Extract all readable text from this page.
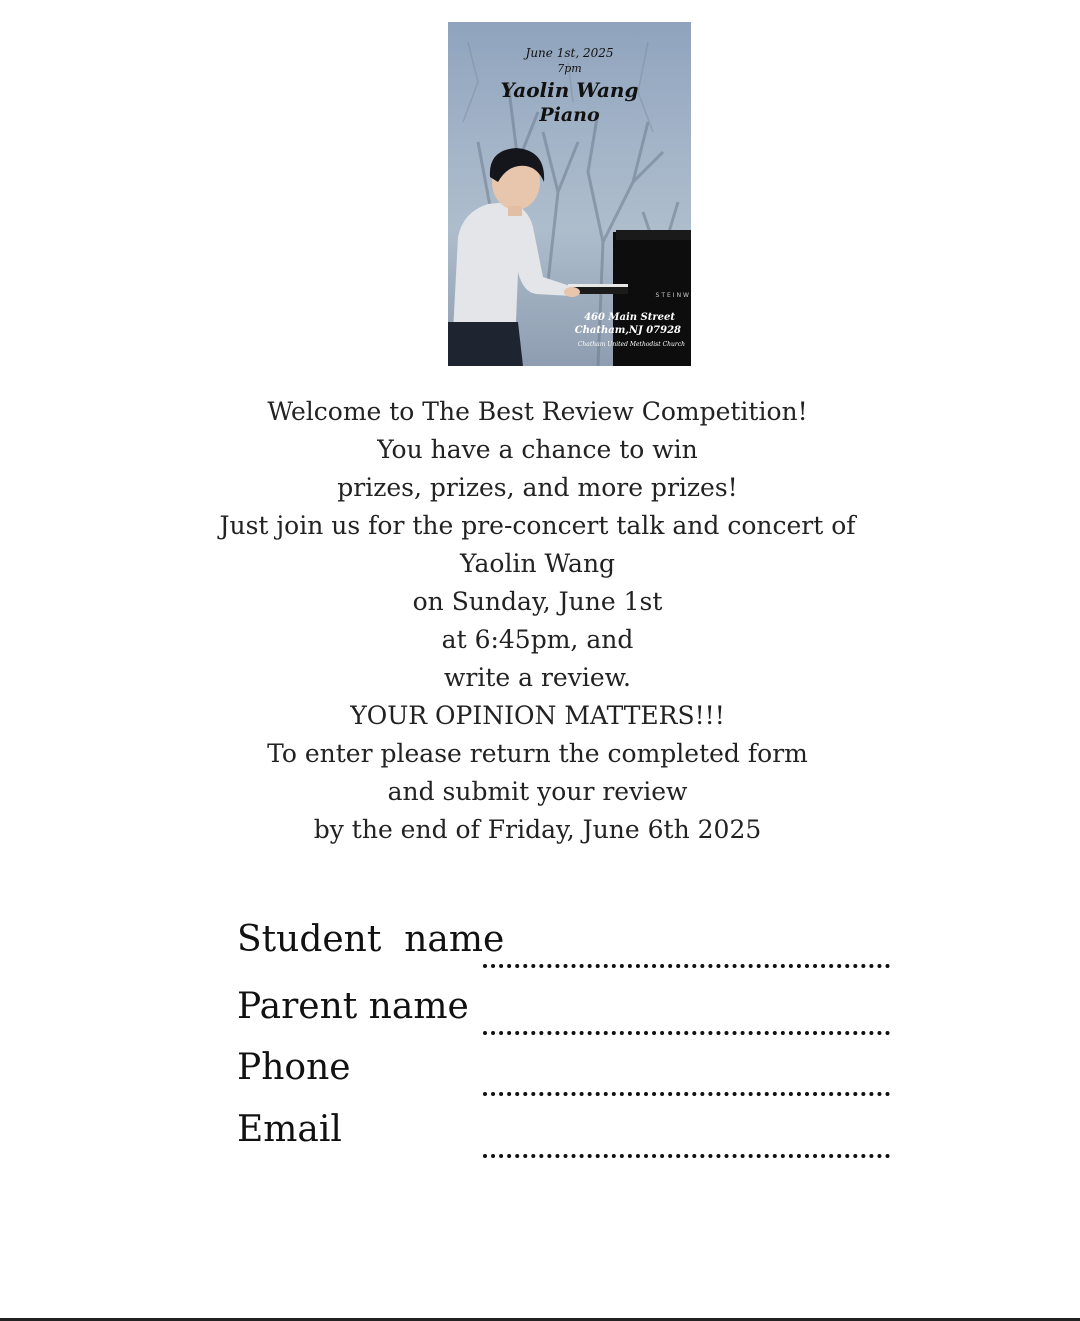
June 1st, 2025
7pm
Yaolin Wang
Piano
STEINW
460 Main Street
Chatham,NJ 07928
Chatham United Methodist Church
Welcome to The Best Review Competition!
You have a chance to win
prizes, prizes, and more prizes!
Just join us for the pre-concert talk and concert of
Yaolin Wang
on Sunday, June 1st
at 6:45pm, and
write a review.
YOUR OPINION MATTERS!!!
To enter please return the completed form
and submit your review
by the end of Friday, June 6th 2025
Student  name
Parent name
Phone
Email
